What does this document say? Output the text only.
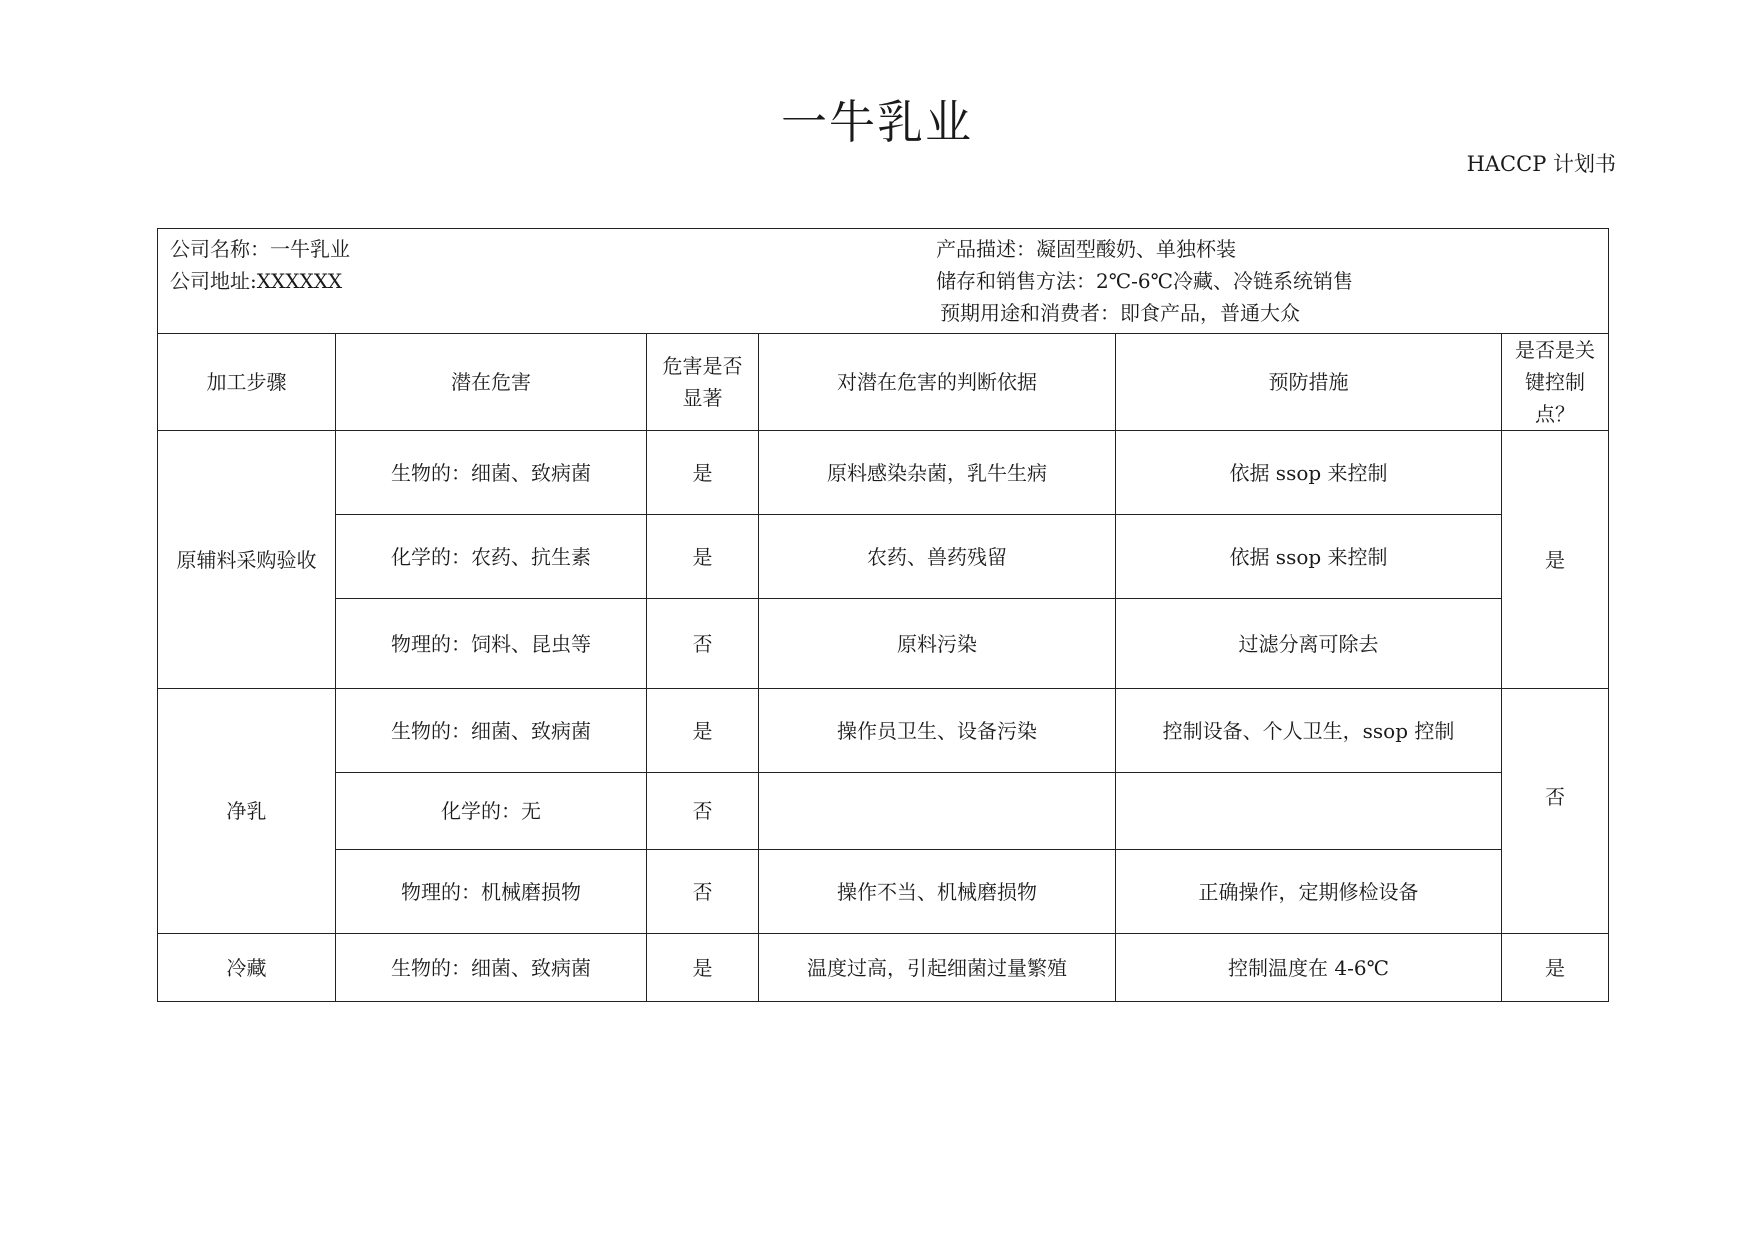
一牛乳业
HACCP 计划书
公司名称：一牛乳业
公司地址:XXXXXX
产品描述：凝固型酸奶、单独杯装
储存和销售方法：2℃-6℃冷藏、冷链系统销售
预期用途和消费者：即食产品，普通大众					

加工步骤	潜在危害	危害是否显著	对潜在危害的判断依据	预防措施	是否是关键控制点？
原辅料采购验收	生物的：细菌、致病菌	是	原料感染杂菌，乳牛生病	依据 ssop 来控制	是
	化学的：农药、抗生素	是	农药、兽药残留	依据 ssop 来控制	
	物理的：饲料、昆虫等	否	原料污染	过滤分离可除去	
净乳	生物的：细菌、致病菌	是	操作员卫生、设备污染	控制设备、个人卫生，ssop 控制	否
	化学的：无	否			
	物理的：机械磨损物	否	操作不当、机械磨损物	正确操作，定期修检设备	
冷藏	生物的：细菌、致病菌	是	温度过高，引起细菌过量繁殖	控制温度在 4-6℃	是
